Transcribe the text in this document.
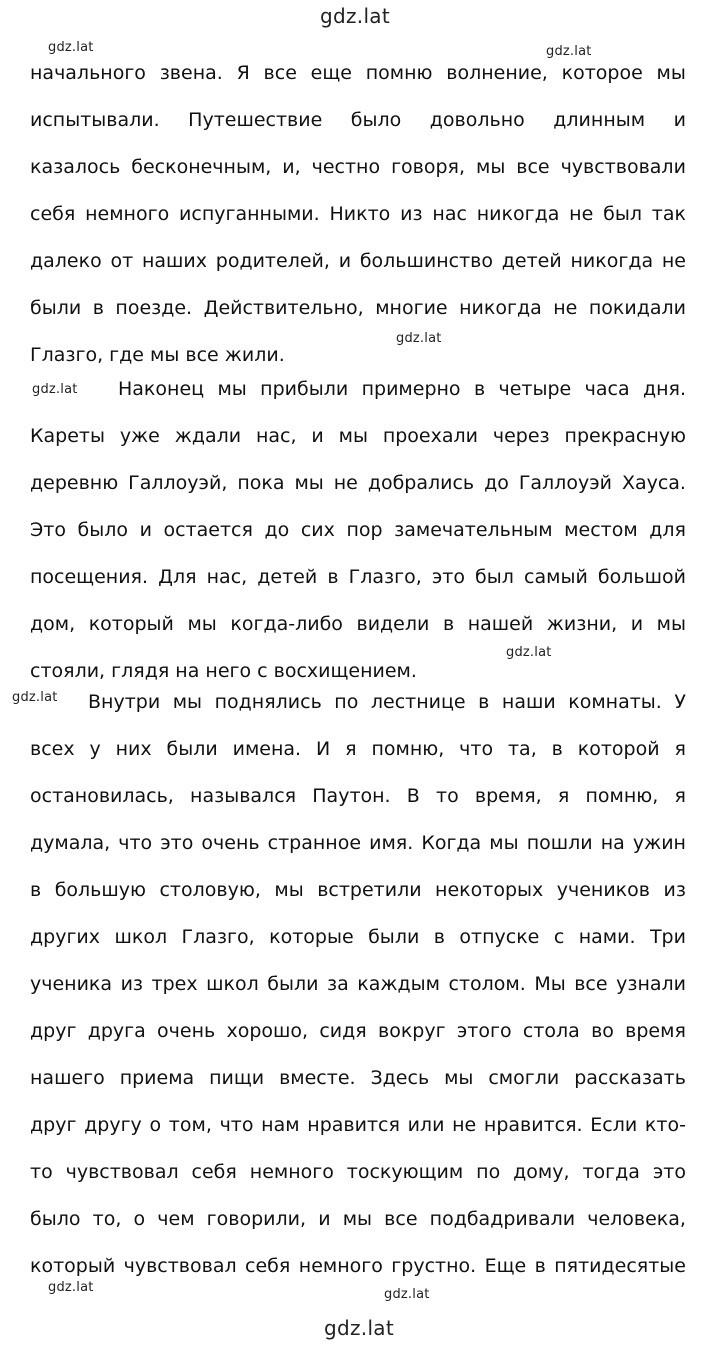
gdz.lat
gdz.lat	gdz.lat
gdz.lat
gdz.lat
gdz.lat
gdz.lat
gdz.lat	gdz.lat
gdz.lat
начального звена. Я все еще помню волнение, которое мы
испытывали. Путешествие было довольно длинным и
казалось бесконечным, и, честно говоря, мы все чувствовали
себя немного испуганными. Никто из нас никогда не был так
далеко от наших родителей, и большинство детей никогда не
были в поезде. Действительно, многие никогда не покидали
Глазго, где мы все жили.
Наконец мы прибыли примерно в четыре часа дня.
Кареты уже ждали нас, и мы проехали через прекрасную
деревню Галлоуэй, пока мы не добрались до Галлоуэй Хауса.
Это было и остается до сих пор замечательным местом для
посещения. Для нас, детей в Глазго, это был самый большой
дом, который мы когда-либо видели в нашей жизни, и мы
стояли, глядя на него с восхищением.
Внутри мы поднялись по лестнице в наши комнаты. У
всех у них были имена. И я помню, что та, в которой я
остановилась, назывался Паутон. В то время, я помню, я
думала, что это очень странное имя. Когда мы пошли на ужин
в большую столовую, мы встретили некоторых учеников из
других школ Глазго, которые были в отпуске с нами. Три
ученика из трех школ были за каждым столом. Мы все узнали
друг друга очень хорошо, сидя вокруг этого стола во время
нашего приема пищи вместе. Здесь мы смогли рассказать
друг другу о том, что нам нравится или не нравится. Если кто-
то чувствовал себя немного тоскующим по дому, тогда это
было то, о чем говорили, и мы все подбадривали человека,
который чувствовал себя немного грустно. Еще в пятидесятые
